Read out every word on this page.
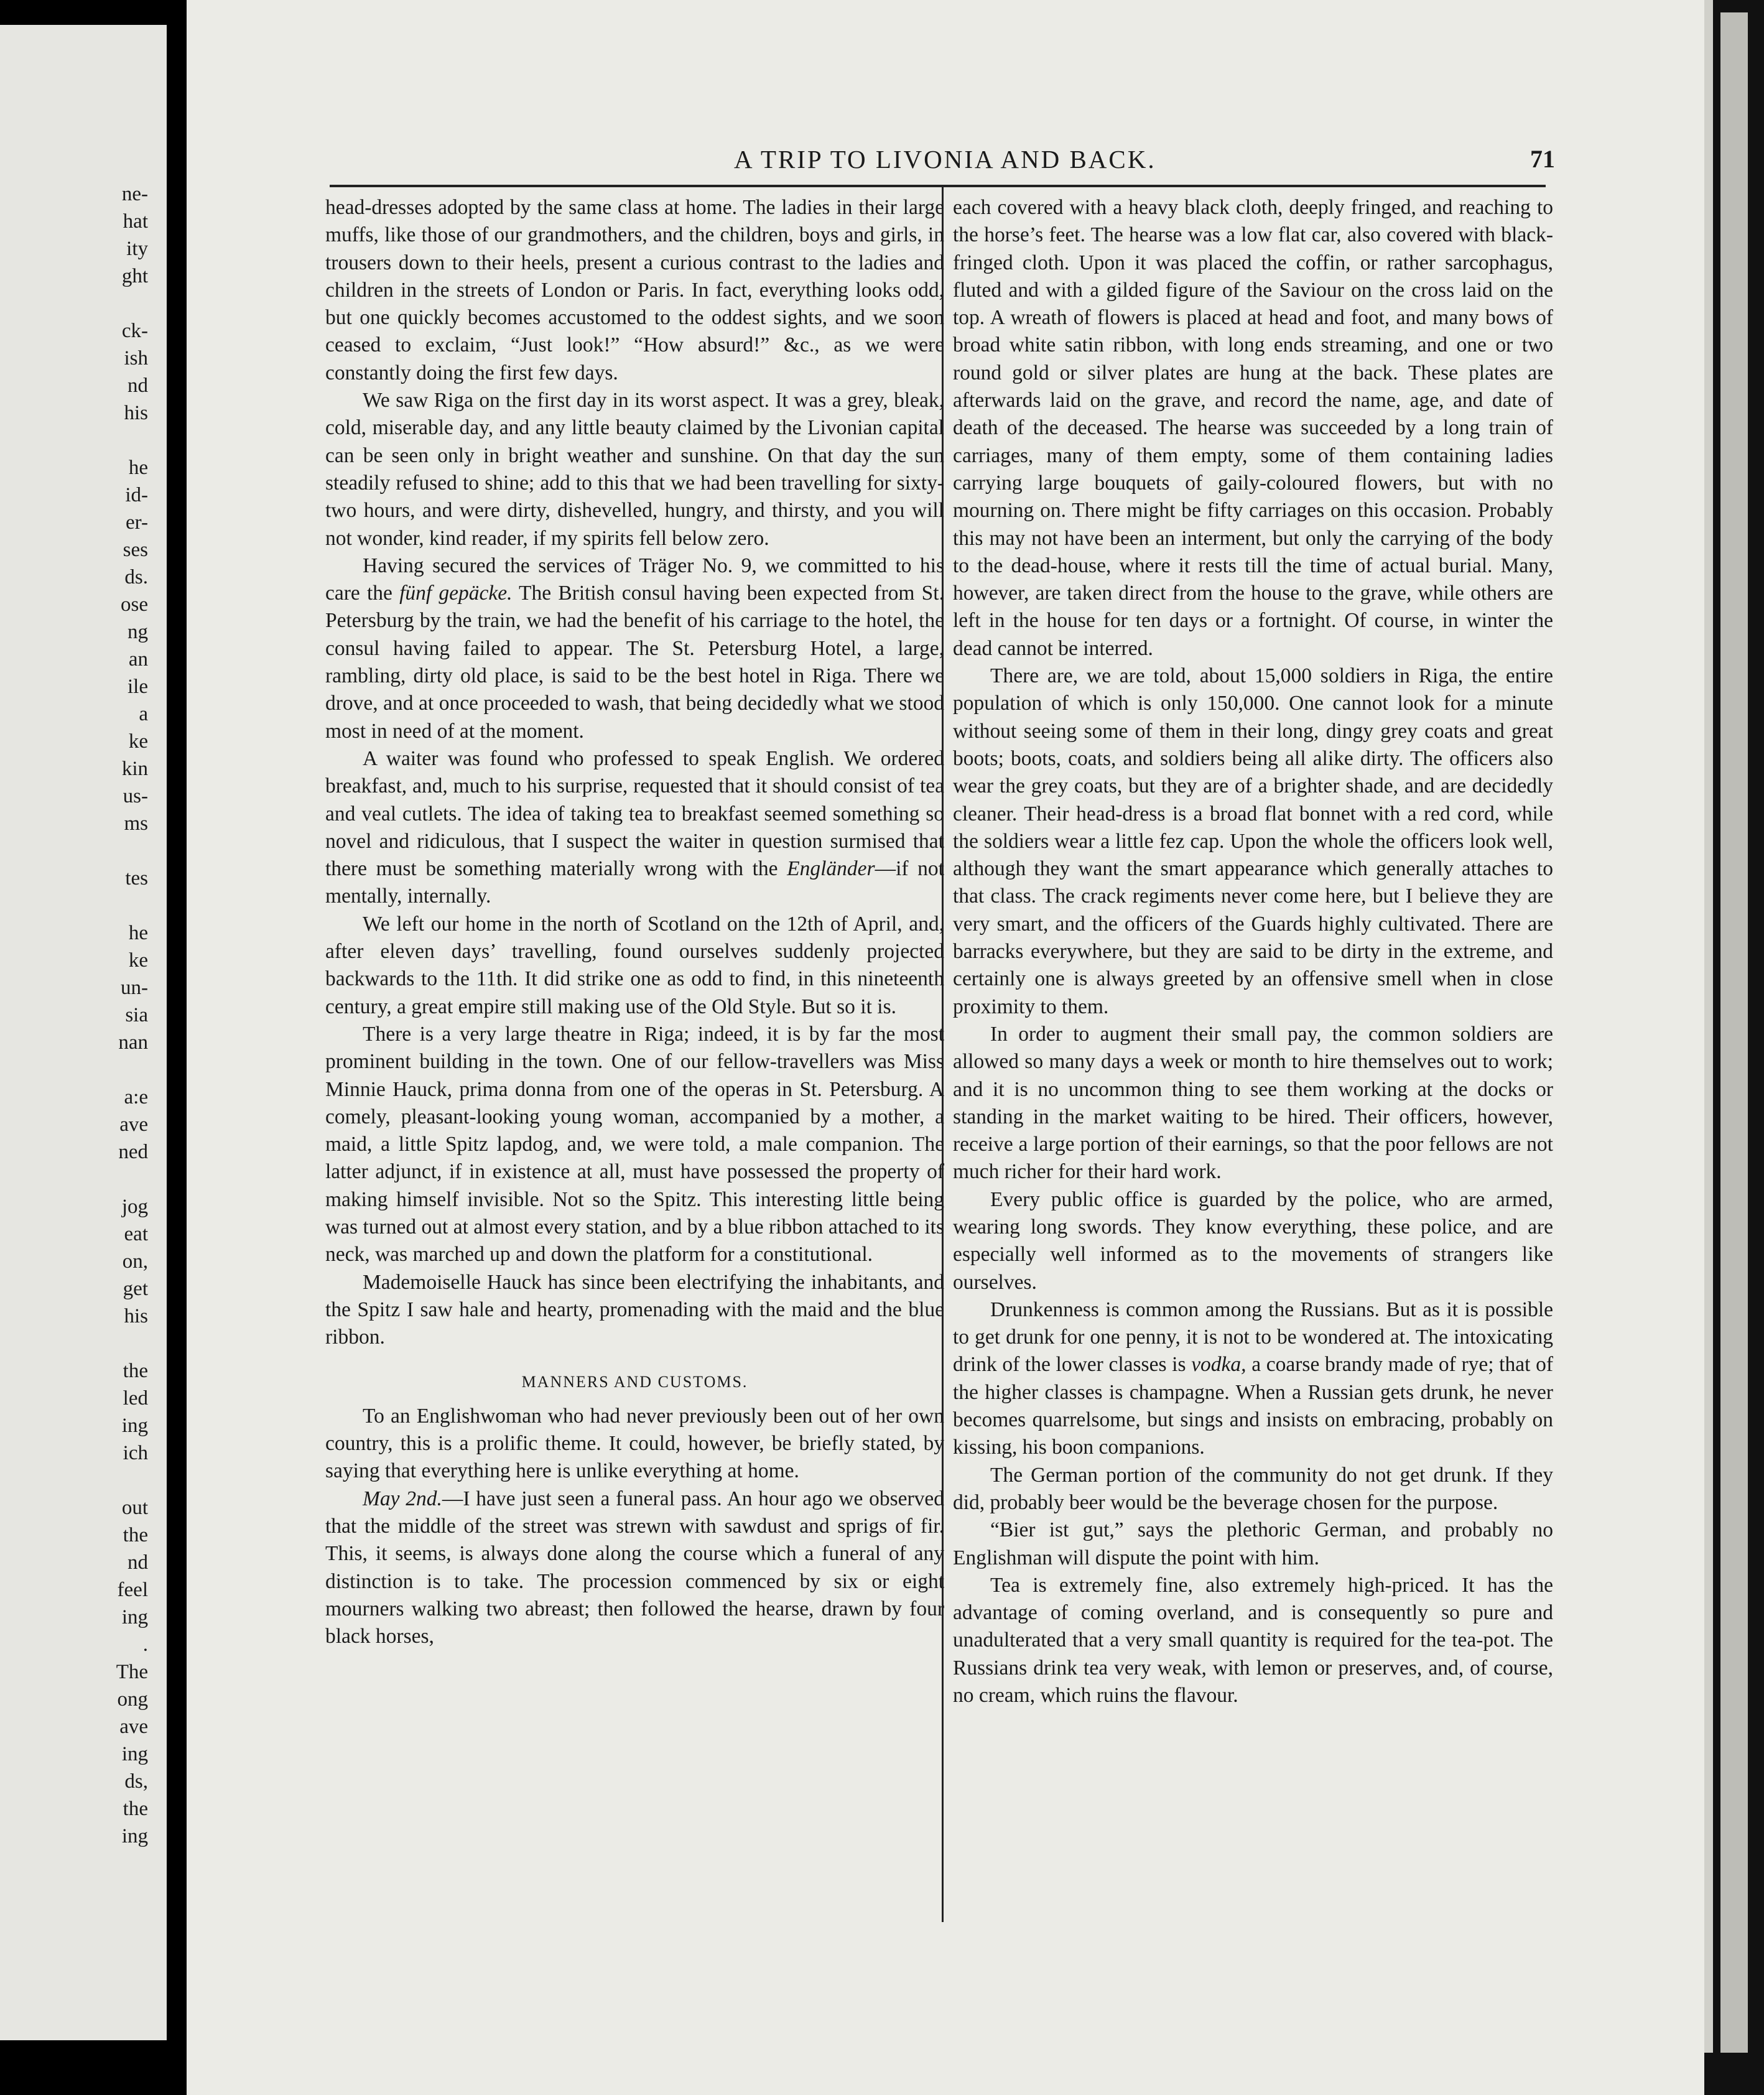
ne-
hat
ity
ght
ck-
ish
nd
his
he
id-
er-
ses
ds.
ose
ng
an
ile
a
ke
kin
us-
ms
tes
he
ke
un-
sia
nan
a:e
ave
ned
jog
eat
on,
get
his
the
led
ing
ich
out
the
nd
feel
ing
.
The
ong
ave
ing
ds,
the
ing
A TRIP TO LIVONIA AND BACK.	71

head-dresses adopted by the same class at home. The ladies in their large muffs, like those of our grandmothers, and the children, boys and girls, in trousers down to their heels, present a curious contrast to the ladies and children in the streets of London or Paris. In fact, everything looks odd, but one quickly becomes accustomed to the oddest sights, and we soon ceased to exclaim, “Just look!” “How absurd!” &c., as we were constantly doing the first few days.

We saw Riga on the first day in its worst aspect. It was a grey, bleak, cold, miserable day, and any little beauty claimed by the Livonian capital can be seen only in bright weather and sunshine. On that day the sun steadily refused to shine; add to this that we had been travelling for sixty-two hours, and were dirty, dishevelled, hungry, and thirsty, and you will not wonder, kind reader, if my spirits fell below zero.

Having secured the services of Träger No. 9, we committed to his care the fünf gepäcke. The British consul having been expected from St. Petersburg by the train, we had the benefit of his carriage to the hotel, the consul having failed to appear. The St. Petersburg Hotel, a large, rambling, dirty old place, is said to be the best hotel in Riga. There we drove, and at once proceeded to wash, that being decidedly what we stood most in need of at the moment.

A waiter was found who professed to speak English. We ordered breakfast, and, much to his surprise, requested that it should consist of tea and veal cutlets. The idea of taking tea to breakfast seemed something so novel and ridiculous, that I suspect the waiter in question surmised that there must be something materially wrong with the Engländer—if not mentally, internally.

We left our home in the north of Scotland on the 12th of April, and, after eleven days’ travelling, found ourselves suddenly projected backwards to the 11th. It did strike one as odd to find, in this nineteenth century, a great empire still making use of the Old Style. But so it is.

There is a very large theatre in Riga; indeed, it is by far the most prominent building in the town. One of our fellow-travellers was Miss Minnie Hauck, prima donna from one of the operas in St. Petersburg. A comely, pleasant-looking young woman, accompanied by a mother, a maid, a little Spitz lapdog, and, we were told, a male companion. The latter adjunct, if in existence at all, must have possessed the property of making himself invisible. Not so the Spitz. This interesting little being was turned out at almost every station, and by a blue ribbon attached to its neck, was marched up and down the platform for a constitutional.

Mademoiselle Hauck has since been electrifying the inhabitants, and the Spitz I saw hale and hearty, promenading with the maid and the blue ribbon.

MANNERS AND CUSTOMS.

To an Englishwoman who had never previously been out of her own country, this is a prolific theme. It could, however, be briefly stated, by saying that everything here is unlike everything at home.

May 2nd.—I have just seen a funeral pass. An hour ago we observed that the middle of the street was strewn with sawdust and sprigs of fir. This, it seems, is always done along the course which a funeral of any distinction is to take. The procession commenced by six or eight mourners walking two abreast; then followed the hearse, drawn by four black horses,

each covered with a heavy black cloth, deeply fringed, and reaching to the horse’s feet. The hearse was a low flat car, also covered with black-fringed cloth. Upon it was placed the coffin, or rather sarcophagus, fluted and with a gilded figure of the Saviour on the cross laid on the top. A wreath of flowers is placed at head and foot, and many bows of broad white satin ribbon, with long ends streaming, and one or two round gold or silver plates are hung at the back. These plates are afterwards laid on the grave, and record the name, age, and date of death of the deceased. The hearse was succeeded by a long train of carriages, many of them empty, some of them containing ladies carrying large bouquets of gaily-coloured flowers, but with no mourning on. There might be fifty carriages on this occasion. Probably this may not have been an interment, but only the carrying of the body to the dead-house, where it rests till the time of actual burial. Many, however, are taken direct from the house to the grave, while others are left in the house for ten days or a fortnight. Of course, in winter the dead cannot be interred.

There are, we are told, about 15,000 soldiers in Riga, the entire population of which is only 150,000. One cannot look for a minute without seeing some of them in their long, dingy grey coats and great boots; boots, coats, and soldiers being all alike dirty. The officers also wear the grey coats, but they are of a brighter shade, and are decidedly cleaner. Their head-dress is a broad flat bonnet with a red cord, while the soldiers wear a little fez cap. Upon the whole the officers look well, although they want the smart appearance which generally attaches to that class. The crack regiments never come here, but I believe they are very smart, and the officers of the Guards highly cultivated. There are barracks everywhere, but they are said to be dirty in the extreme, and certainly one is always greeted by an offensive smell when in close proximity to them.

In order to augment their small pay, the common soldiers are allowed so many days a week or month to hire themselves out to work; and it is no uncommon thing to see them working at the docks or standing in the market waiting to be hired. Their officers, however, receive a large portion of their earnings, so that the poor fellows are not much richer for their hard work.

Every public office is guarded by the police, who are armed, wearing long swords. They know everything, these police, and are especially well informed as to the movements of strangers like ourselves.

Drunkenness is common among the Russians. But as it is possible to get drunk for one penny, it is not to be wondered at. The intoxicating drink of the lower classes is vodka, a coarse brandy made of rye; that of the higher classes is champagne. When a Russian gets drunk, he never becomes quarrelsome, but sings and insists on embracing, probably on kissing, his boon companions.

The German portion of the community do not get drunk. If they did, probably beer would be the beverage chosen for the purpose.

“Bier ist gut,” says the plethoric German, and probably no Englishman will dispute the point with him.

Tea is extremely fine, also extremely high-priced. It has the advantage of coming overland, and is consequently so pure and unadulterated that a very small quantity is required for the tea-pot. The Russians drink tea very weak, with lemon or preserves, and, of course, no cream, which ruins the flavour.
